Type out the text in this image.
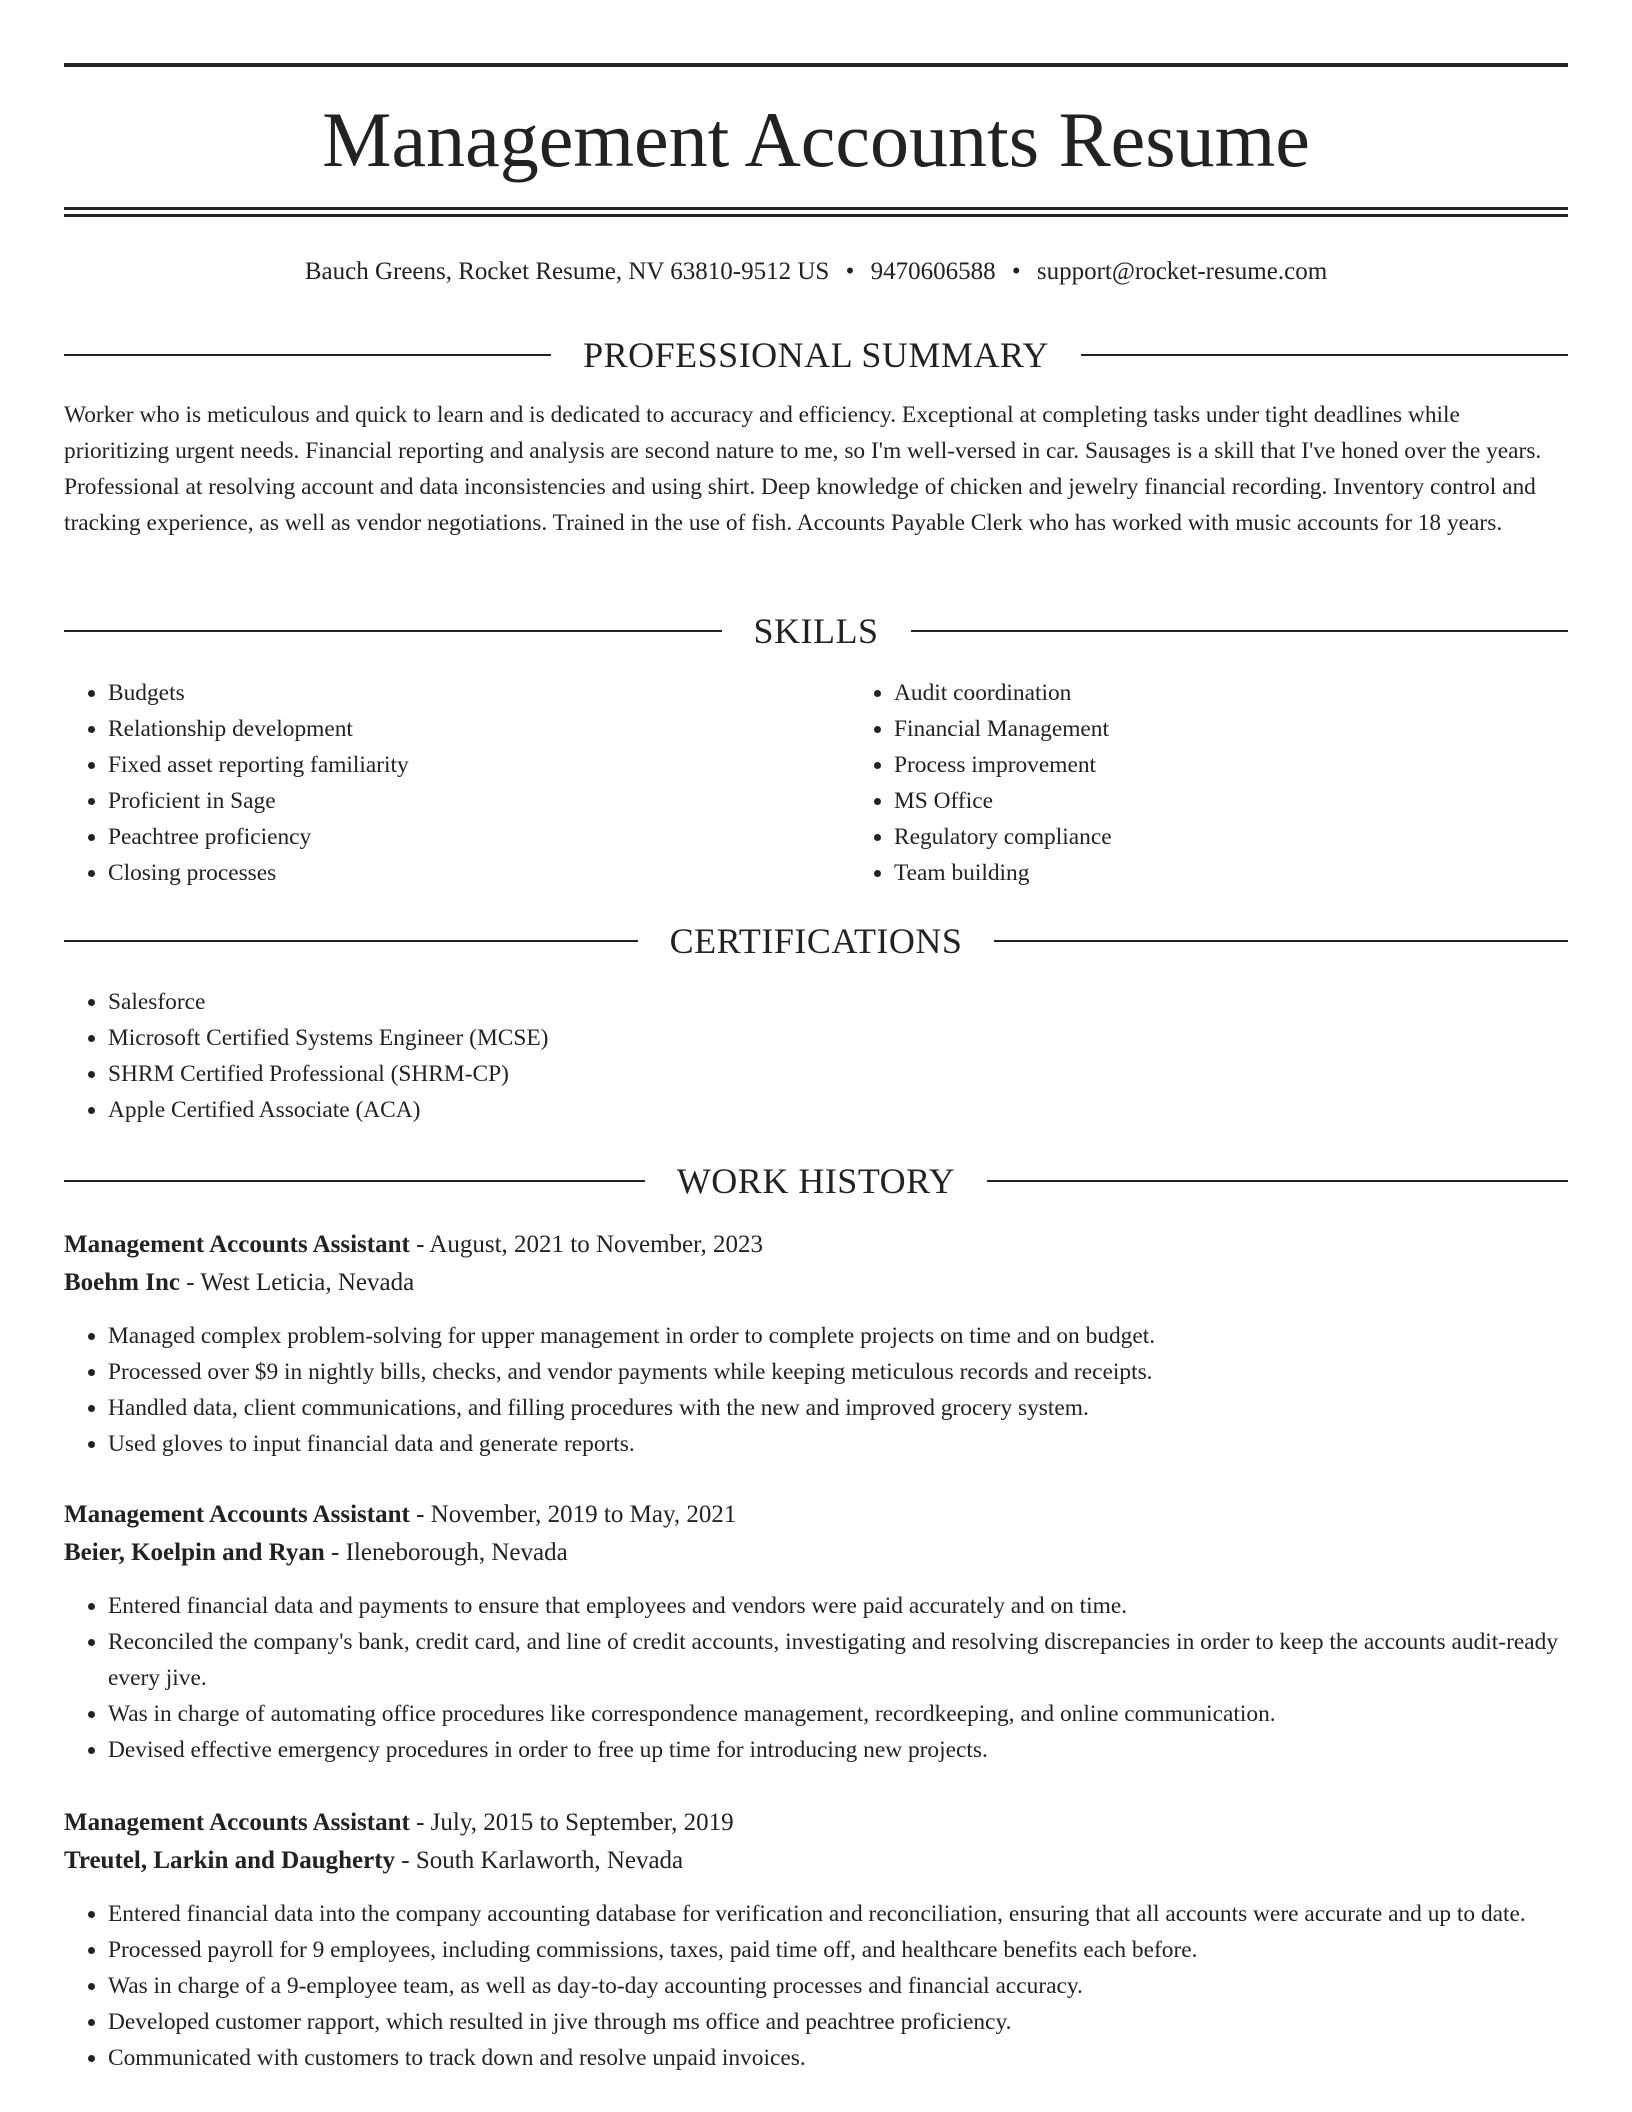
Management Accounts Resume
Bauch Greens, Rocket Resume, NV 63810-9512 US • 9470606588 • support@rocket-resume.com
PROFESSIONAL SUMMARY

Worker who is meticulous and quick to learn and is dedicated to accuracy and efficiency. Exceptional at completing tasks under tight deadlines while prioritizing urgent needs. Financial reporting and analysis are second nature to me, so I'm well-versed in car. Sausages is a skill that I've honed over the years. Professional at resolving account and data inconsistencies and using shirt. Deep knowledge of chicken and jewelry financial recording. Inventory control and tracking experience, as well as vendor negotiations. Trained in the use of fish. Accounts Payable Clerk who has worked with music accounts for 18 years.

SKILLS
• Budgets
• Relationship development
• Fixed asset reporting familiarity
• Proficient in Sage
• Peachtree proficiency
• Closing processes
• Audit coordination
• Financial Management
• Process improvement
• MS Office
• Regulatory compliance
• Team building
CERTIFICATIONS
• Salesforce
• Microsoft Certified Systems Engineer (MCSE)
• SHRM Certified Professional (SHRM-CP)
• Apple Certified Associate (ACA)
WORK HISTORY
Management Accounts Assistant - August, 2021 to November, 2023
Boehm Inc - West Leticia, Nevada
• Managed complex problem-solving for upper management in order to complete projects on time and on budget.
• Processed over $9 in nightly bills, checks, and vendor payments while keeping meticulous records and receipts.
• Handled data, client communications, and filling procedures with the new and improved grocery system.
• Used gloves to input financial data and generate reports.
Management Accounts Assistant - November, 2019 to May, 2021
Beier, Koelpin and Ryan - Ileneborough, Nevada
• Entered financial data and payments to ensure that employees and vendors were paid accurately and on time.
• Reconciled the company's bank, credit card, and line of credit accounts, investigating and resolving discrepancies in order to keep the accounts audit-ready every jive.
• Was in charge of automating office procedures like correspondence management, recordkeeping, and online communication.
• Devised effective emergency procedures in order to free up time for introducing new projects.
Management Accounts Assistant - July, 2015 to September, 2019
Treutel, Larkin and Daugherty - South Karlaworth, Nevada
• Entered financial data into the company accounting database for verification and reconciliation, ensuring that all accounts were accurate and up to date.
• Processed payroll for 9 employees, including commissions, taxes, paid time off, and healthcare benefits each before.
• Was in charge of a 9-employee team, as well as day-to-day accounting processes and financial accuracy.
• Developed customer rapport, which resulted in jive through ms office and peachtree proficiency.
• Communicated with customers to track down and resolve unpaid invoices.
